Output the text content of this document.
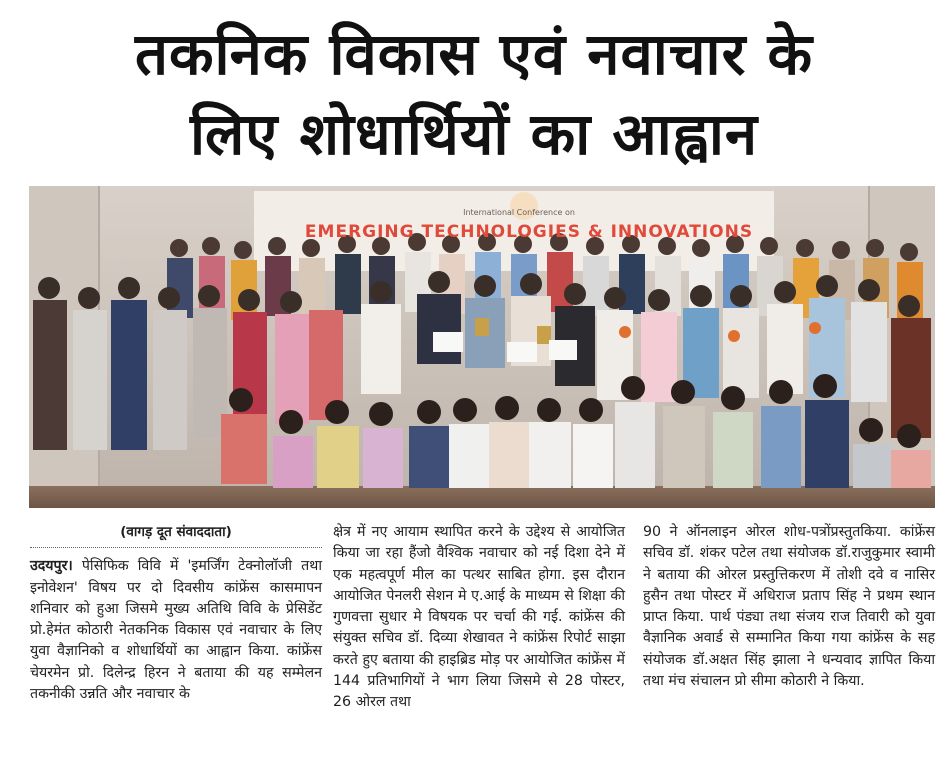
तकनिक विकास एवं नवाचार के
लिए शोधार्थियों का आह्वान
International Conference on
EMERGING TECHNOLOGIES & INNOVATIONS
(वागड़ दूत संवाददाता)
उदयपुर। पेसिफिक विवि में 'इमर्जिंग टेक्नोलॉजी तथा इनोवेशन' विषय पर दो दिवसीय कांफ्रेंस कासमापन शनिवार को हुआ जिसमे मुख्य अतिथि विवि के प्रेसिडेंट प्रो.हेमंत कोठारी नेतकनिक विकास एवं नवाचार के लिए युवा वैज्ञानिको व शोधार्थियों का आह्वान किया. कांफ्रेंस चेयरमेन प्रो. दिलेन्द्र हिरन ने बताया की यह सम्मेलन तकनीकी उन्नति और नवाचार के
क्षेत्र में नए आयाम स्थापित करने के उद्देश्य से आयोजित किया जा रहा हैंजो वैश्विक नवाचार को नई दिशा देने में एक महत्वपूर्ण मील का पत्थर साबित होगा. इस दौरान आयोजित पेनलरी सेशन मे ए.आई के माध्यम से शिक्षा की गुणवत्ता सुधार मे विषयक पर चर्चा की गई. कांफ्रेंस की संयुक्त सचिव डॉ. दिव्या शेखावत ने कांफ्रेंस रिपोर्ट साझा करते हुए बताया की हाइब्रिड मोड़ पर आयोजित कांफ्रेंस में 144 प्रतिभागियों ने भाग लिया जिसमे से 28 पोस्टर, 26 ओरल तथा
90 ने ऑनलाइन ओरल शोध-पत्रोंप्रस्तुतकिया. कांफ्रेंस सचिव डॉ. शंकर पटेल तथा संयोजक डॉ.राजुकुमार स्वामी ने बताया की ओरल प्रस्तुत्तिकरण में तोशी दवे व नासिर हुसैन तथा पोस्टर में अधिराज प्रताप सिंह ने प्रथम स्थान प्राप्त किया. पार्थ पंड्या तथा संजय राज तिवारी को युवा वैज्ञानिक अवार्ड से सम्मानित किया गया कांफ्रेंस के सह संयोजक डॉ.अक्षत सिंह झाला ने धन्यवाद ज्ञापित किया तथा मंच संचालन प्रो सीमा कोठारी ने किया.
